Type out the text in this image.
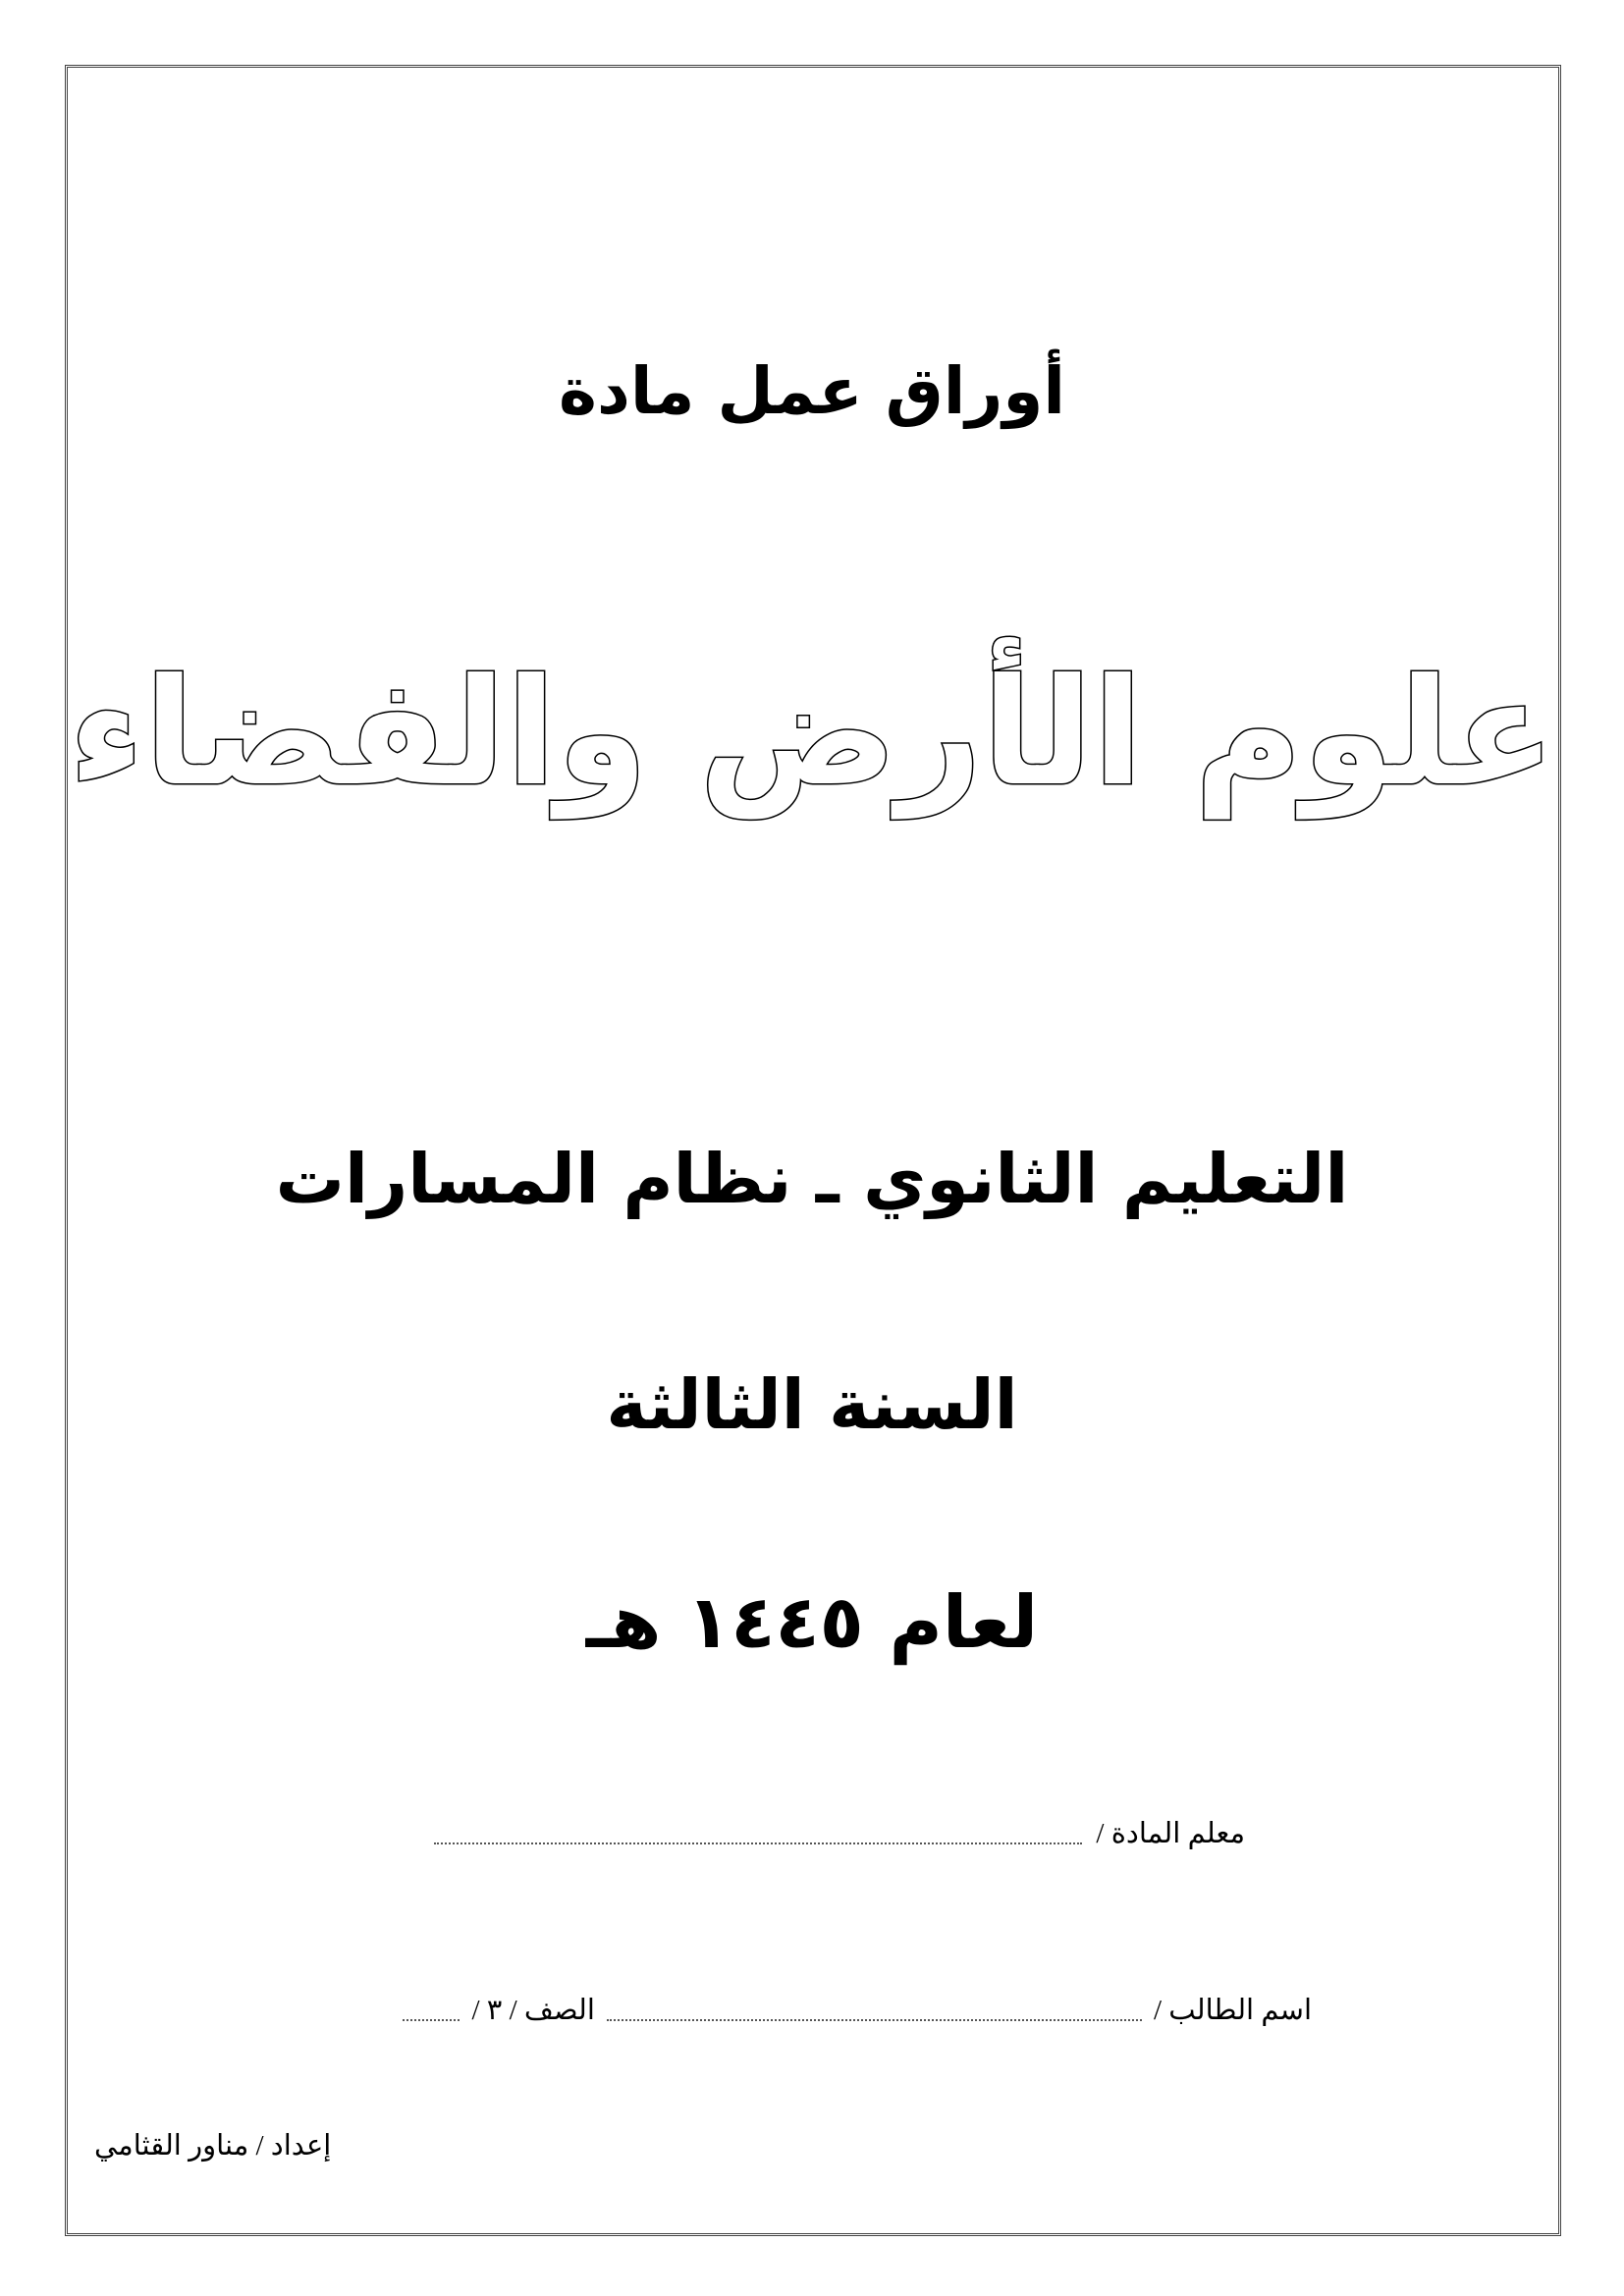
أوراق عمل مادة
علوم الأرض والفضاء
التعليم الثانوي ـ نظام المسارات
السنة الثالثة
لعام ١٤٤٥ هـ
معلم المادة /
اسم الطالب /
الصف / ٣ /
إعداد / مناور القثامي
